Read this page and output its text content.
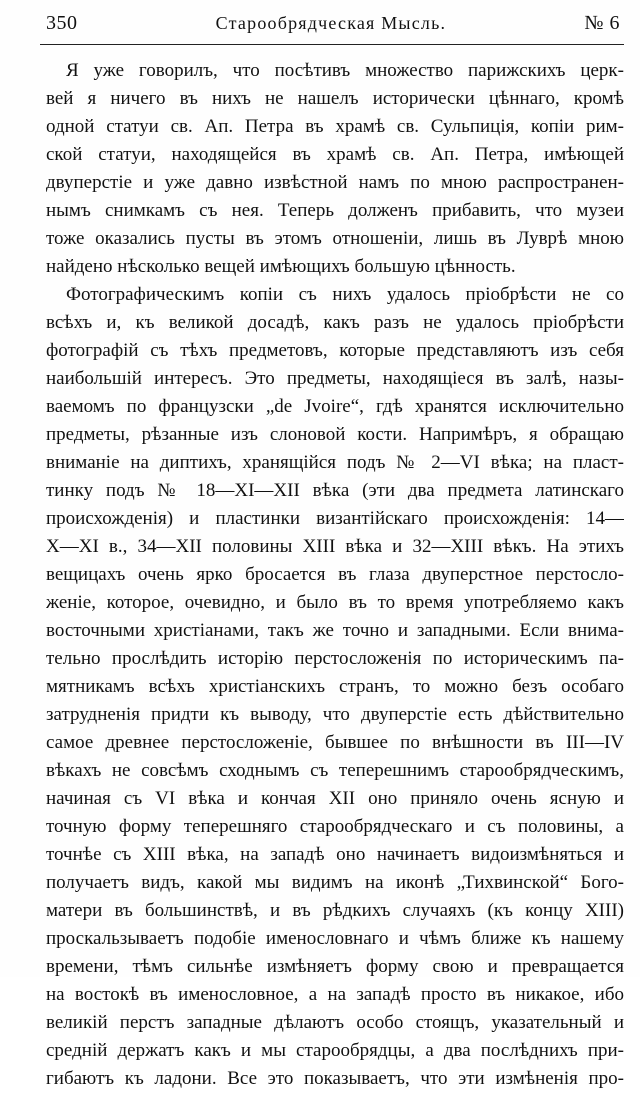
350	Старообрядческая Мысль.	№ 6
Я уже говорилъ, что посѣтивъ множество парижскихъ церк-
вей я ничего въ нихъ не нашелъ исторически цѣннаго, кромѣ
одной статуи св. Ап. Петра въ храмѣ св. Сульпиція, копіи рим-
ской статуи, находящейся въ храмѣ св. Ап. Петра, имѣющей
двуперстіе и уже давно извѣстной намъ по мною распространен-
нымъ снимкамъ съ нея. Теперь долженъ прибавить, что музеи
тоже оказались пусты въ этомъ отношеніи, лишь въ Луврѣ мною
найдено нѣсколько вещей имѣющихъ большую цѣнность.
Фотографическимъ копіи съ нихъ удалось пріобрѣсти не со
всѣхъ и, къ великой досадѣ, какъ разъ не удалось пріобрѣсти
фотографій съ тѣхъ предметовъ, которые представляютъ изъ себя
наибольшій интересъ. Это предметы, находящіеся въ залѣ, назы-
ваемомъ по французски „de Jvoire“, гдѣ хранятся исключительно
предметы, рѣзанные изъ слоновой кости. Напримѣръ, я обращаю
вниманіе на диптихъ, хранящійся подъ № 2—VI вѣка; на пласт-
тинку подъ № 18—XI—XII вѣка (эти два предмета латинскаго
происхожденія) и пластинки византійскаго происхожденія: 14—
X—XI в., 34—XII половины XIII вѣка и 32—XIII вѣкъ. На этихъ
вещицахъ очень ярко бросается въ глаза двуперстное перстосло-
женіе, которое, очевидно, и было въ то время употребляемо какъ
восточными христіанами, такъ же точно и западными. Если внима-
тельно прослѣдить исторію перстосложенія по историческимъ па-
мятникамъ всѣхъ христіанскихъ странъ, то можно безъ особаго
затрудненія придти къ выводу, что двуперстіе есть дѣйствительно
самое древнее перстосложеніе, бывшее по внѣшности въ III—IV
вѣкахъ не совсѣмъ сходнымъ съ теперешнимъ старообрядческимъ,
начиная съ VI вѣка и кончая XII оно приняло очень ясную и
точную форму теперешняго старообрядческаго и съ половины, а
точнѣе съ XIII вѣка, на западѣ оно начинаетъ видоизмѣняться и
получаетъ видъ, какой мы видимъ на иконѣ „Тихвинской“ Бого-
матери въ большинствѣ, и въ рѣдкихъ случаяхъ (къ концу XIII)
проскальзываетъ подобіе именословнаго и чѣмъ ближе къ нашему
времени, тѣмъ сильнѣе измѣняетъ форму свою и превращается
на востокѣ въ именословное, а на западѣ просто въ никакое, ибо
великій перстъ западные дѣлаютъ особо стоящъ, указательный и
средній держатъ какъ и мы старообрядцы, а два послѣднихъ при-
гибаютъ къ ладони. Все это показываетъ, что эти измѣненія про-
